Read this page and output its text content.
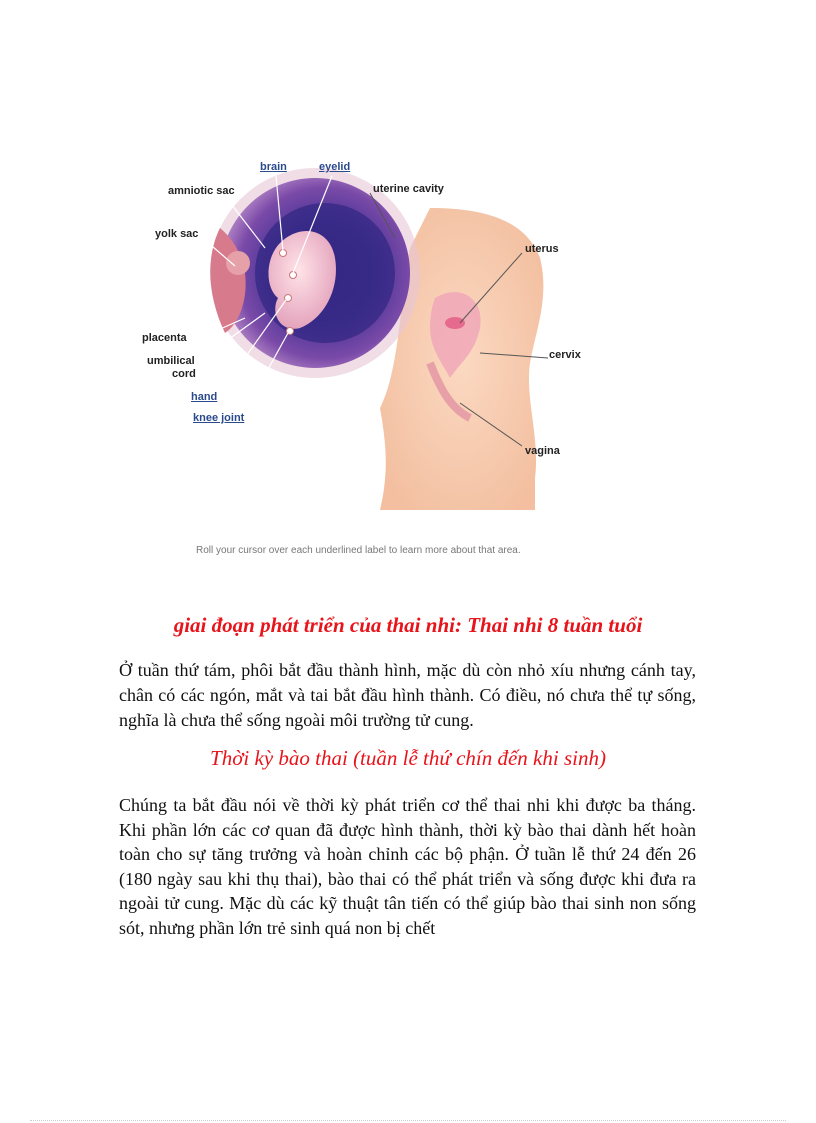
brain	eyelid
amniotic sac	uterine cavity
yolk sac
uterus
placenta
cervix
umbilical
cord
hand
knee joint
vagina
Roll your cursor over each underlined label to learn more about that area.
giai đoạn phát triển của thai nhi: Thai nhi 8 tuần tuổi

Ở tuần thứ tám, phôi bắt đầu thành hình, mặc dù còn nhỏ xíu nhưng cánh tay, chân có các ngón, mắt và tai bắt đầu hình thành. Có điều, nó chưa thể tự sống, nghĩa là chưa thể sống ngoài môi trường tử cung.

Thời kỳ bào thai (tuần lễ thứ chín đến khi sinh)

Chúng ta bắt đầu nói về thời kỳ phát triển cơ thể thai nhi khi được ba tháng. Khi phần lớn các cơ quan đã được hình thành, thời kỳ bào thai dành hết hoàn toàn cho sự tăng trưởng và hoàn chỉnh các bộ phận. Ở tuần lễ thứ 24 đến 26 (180 ngày sau khi thụ thai), bào thai có thể phát triển và sống được khi đưa ra ngoài tử cung. Mặc dù các kỹ thuật tân tiến có thể giúp bào thai sinh non sống sót, nhưng phần lớn trẻ sinh quá non bị chết
